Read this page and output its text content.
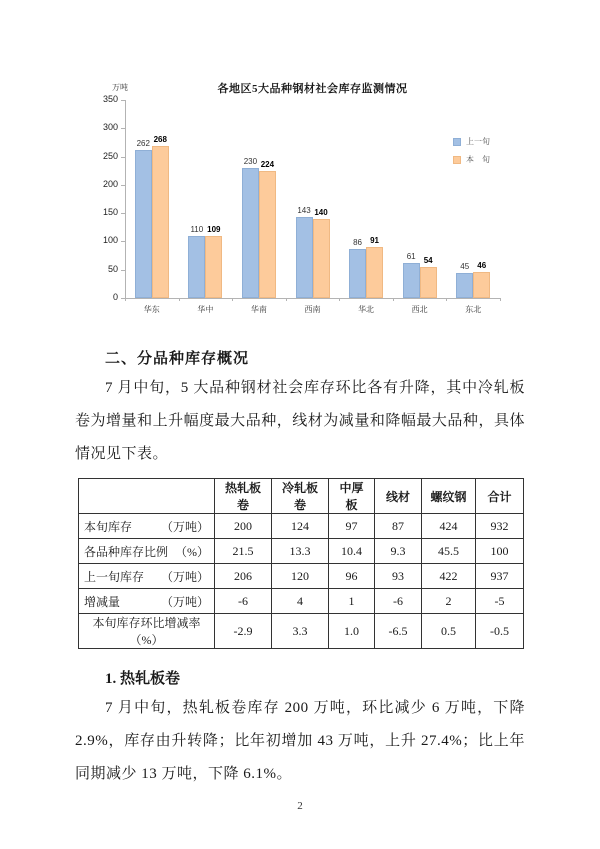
万吨	各地区5大品种钢材社会库存监测情况
上一旬
本　旬
0
50
100
150
200
250
300
350
262 268
华东
110 109
华中
230 224
华南
143 140
西南
86	91
华北
61	54
西北
45	46
东北
二、分品种库存概况

7 月中旬，5 大品种钢材社会库存环比各有升降，其中冷轧板卷为增量和上升幅度最大品种，线材为减量和降幅最大品种，具体情况见下表。

	热轧板卷	冷轧板卷	中厚板	线材	螺纹钢	合计

本旬库存 （万吨）	200	124	97	87	424	932

各品种库存比例 （%）	21.5	13.3	10.4	9.3	45.5	100

上一旬库存 （万吨）	206	120	96	93	422	937

增减量 （万吨）	-6	4	1	-6	2	-5

本旬库存环比增减率（%）	-2.9	3.3	1.0	-6.5	0.5	-0.5
1. 热轧板卷

7 月中旬，热轧板卷库存 200 万吨，环比减少 6 万吨，下降 2.9%，库存由升转降；比年初增加 43 万吨，上升 27.4%；比上年同期减少 13 万吨，下降 6.1%。

2
